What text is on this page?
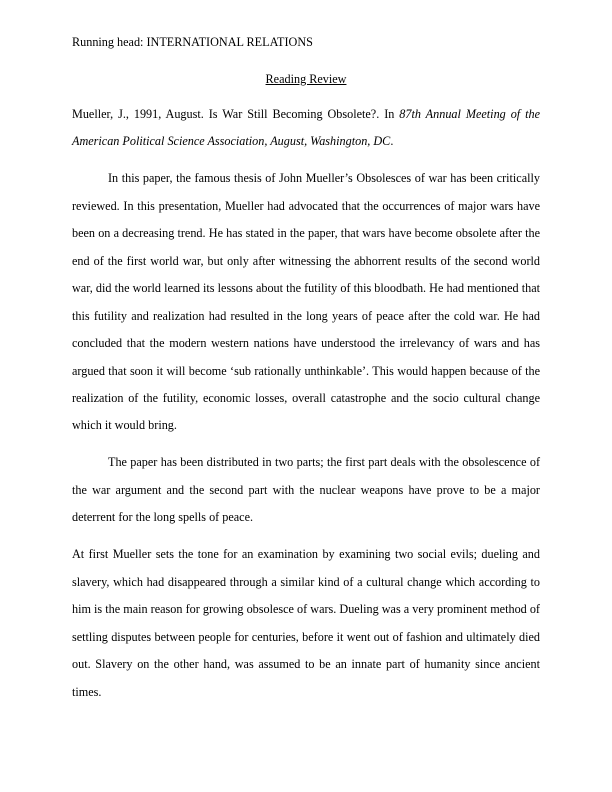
Running head: INTERNATIONAL RELATIONS
Reading Review

Mueller, J., 1991, August. Is War Still Becoming Obsolete?. In 87th Annual Meeting of the American Political Science Association, August, Washington, DC.

In this paper, the famous thesis of John Mueller’s Obsolesces of war has been critically reviewed. In this presentation, Mueller had advocated that the occurrences of major wars have been on a decreasing trend. He has stated in the paper, that wars have become obsolete after the end of the first world war, but only after witnessing the abhorrent results of the second world war, did the world learned its lessons about the futility of this bloodbath. He had mentioned that this futility and realization had resulted in the long years of peace after the cold war. He had concluded that the modern western nations have understood the irrelevancy of wars and has argued that soon it will become ‘sub rationally unthinkable’. This would happen because of the realization of the futility, economic losses, overall catastrophe and the socio cultural change which it would bring.

The paper has been distributed in two parts; the first part deals with the obsolescence of the war argument and the second part with the nuclear weapons have prove to be a major deterrent for the long spells of peace.

At first Mueller sets the tone for an examination by examining two social evils; dueling and slavery, which had disappeared through a similar kind of a cultural change which according to him is the main reason for growing obsolesce of wars. Dueling was a very prominent method of settling disputes between people for centuries, before it went out of fashion and ultimately died out. Slavery on the other hand, was assumed to be an innate part of humanity since ancient times.
